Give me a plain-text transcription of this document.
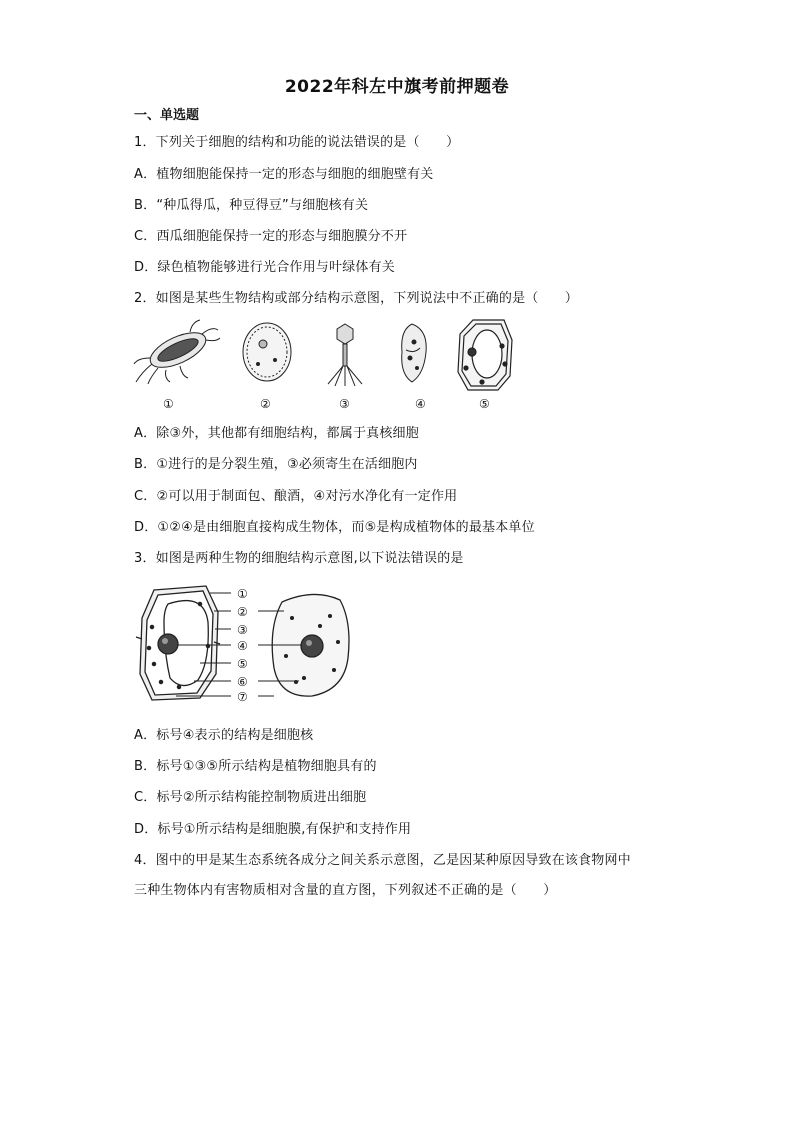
2022年科左中旗考前押题卷
一、单选题
1．下列关于细胞的结构和功能的说法错误的是（　　）
A．植物细胞能保持一定的形态与细胞的细胞壁有关
B．“种瓜得瓜，种豆得豆”与细胞核有关
C．西瓜细胞能保持一定的形态与细胞膜分不开
D．绿色植物能够进行光合作用与叶绿体有关
2．如图是某些生物结构或部分结构示意图，下列说法中不正确的是（　　）
①	②	③	④	⑤
A．除③外，其他都有细胞结构，都属于真核细胞
B．①进行的是分裂生殖，③必须寄生在活细胞内
C．②可以用于制面包、酿酒，④对污水净化有一定作用
D．①②④是由细胞直接构成生物体，而⑤是构成植物体的最基本单位
3．如图是两种生物的细胞结构示意图,以下说法错误的是
①
②
③
④
⑤
⑥
⑦
A．标号④表示的结构是细胞核
B．标号①③⑤所示结构是植物细胞具有的
C．标号②所示结构能控制物质进出细胞
D．标号①所示结构是细胞膜,有保护和支持作用
4．图中的甲是某生态系统各成分之间关系示意图，乙是因某种原因导致在该食物网中
三种生物体内有害物质相对含量的直方图，下列叙述不正确的是（　　）
